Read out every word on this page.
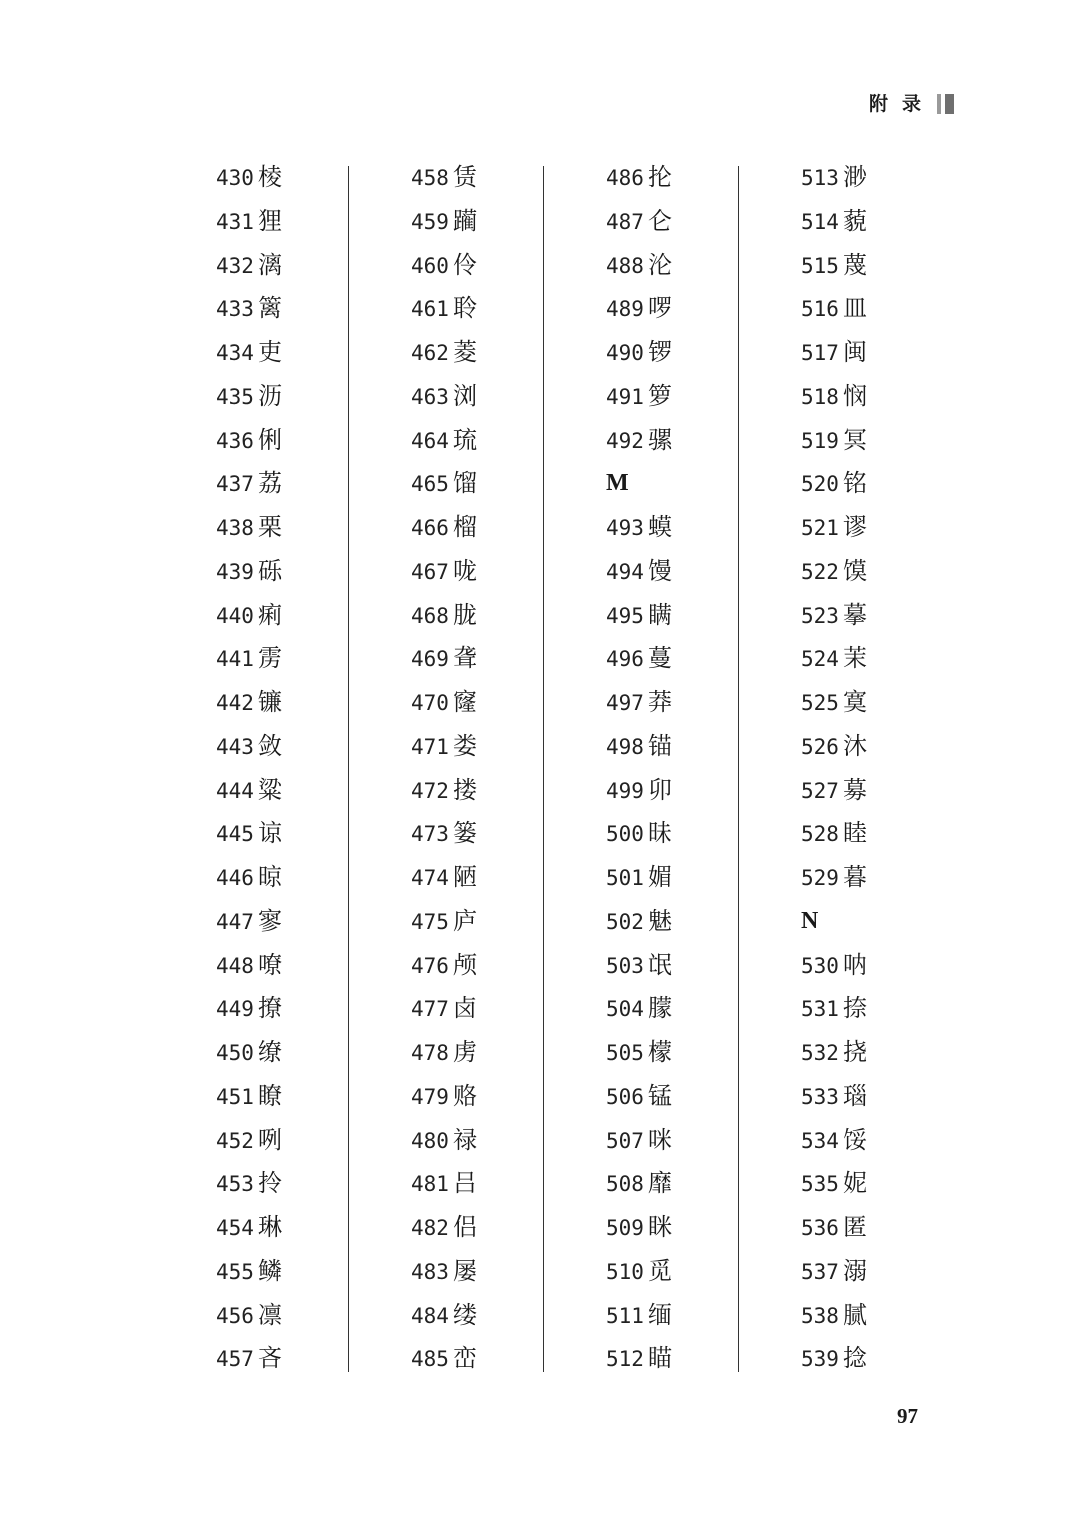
附录
430 棱
431 狸
432 漓
433 篱
434 吏
435 沥
436 俐
437 荔
438 栗
439 砾
440 痢
441 雳
442 镰
443 敛
444 粱
445 谅
446 晾
447 寥
448 嘹
449 撩
450 缭
451 瞭
452 咧
453 拎
454 琳
455 鳞
456 凛
457 吝
458 赁
459 躏
460 伶
461 聆
462 菱
463 浏
464 琉
465 馏
466 榴
467 咙
468 胧
469 聋
470 窿
471 娄
472 搂
473 篓
474 陋
475 庐
476 颅
477 卤
478 虏
479 赂
480 禄
481 吕
482 侣
483 屡
484 缕
485 峦
486 抡
487 仑
488 沦
489 啰
490 锣
491 箩
492 骡
M
493 蟆
494 馒
495 瞒
496 蔓
497 莽
498 锚
499 卯
500 昧
501 媚
502 魅
503 氓
504 朦
505 檬
506 锰
507 咪
508 靡
509 眯
510 觅
511 缅
512 瞄
513 渺
514 藐
515 蔑
516 皿
517 闽
518 悯
519 冥
520 铭
521 谬
522 馍
523 摹
524 茉
525 寞
526 沐
527 募
528 睦
529 暮
N
530 呐
531 捺
532 挠
533 瑙
534 馁
535 妮
536 匿
537 溺
538 腻
539 捻
97
